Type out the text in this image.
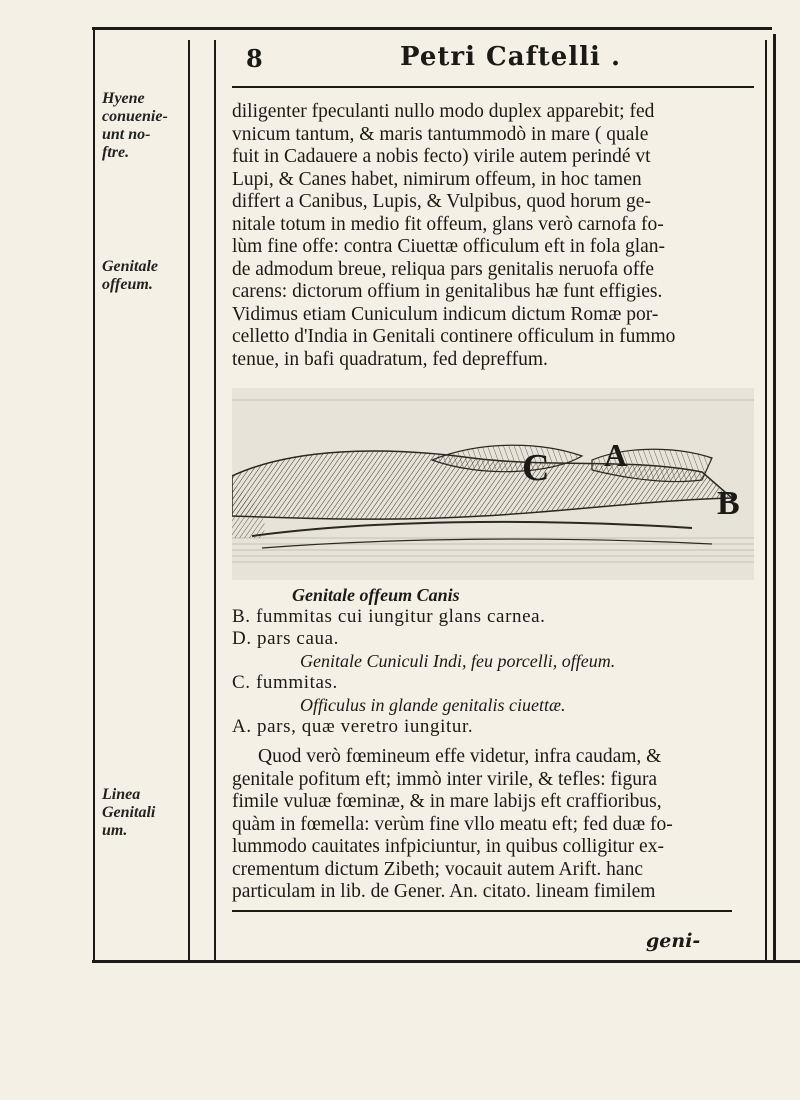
8	Petri Caftelli .
Hyene
conuenie-
unt no-
ftre.
Genitale
offeum.
Linea
Genitali
um.
diligenter fpeculanti nullo modo duplex apparebit; fed
vnicum tantum, & maris tantummodò in mare ( quale
fuit in Cadauere a nobis fecto) virile autem perindé vt
Lupi, & Canes habet, nimirum offeum, in hoc tamen
differt a Canibus, Lupis, & Vulpibus, quod horum ge-
nitale totum in medio fit offeum, glans verò carnofa fo-
lùm fine offe: contra Ciuettæ officulum eft in fola glan-
de admodum breue, reliqua pars genitalis neruofa offe
carens: dictorum offium in genitalibus hæ funt effigies.
Vidimus etiam Cuniculum indicum dictum Romæ por-
celletto d'India in Genitali continere officulum in fummo
tenue, in bafi quadratum, fed depreffum.
C A
B
Genitale offeum Canis
B. fummitas cui iungitur glans carnea.
D. pars caua.
Genitale Cuniculi Indi, feu porcelli, offeum.
C. fummitas.
Officulus in glande genitalis ciuettæ.
A. pars, quæ veretro iungitur.
Quod verò fœmineum effe videtur, infra caudam, &
genitale pofitum eft; immò inter virile, & tefles: figura
fimile vuluæ fœminæ, & in mare labijs eft craffioribus,
quàm in fœmella: verùm fine vllo meatu eft; fed duæ fo-
lummodo cauitates infpiciuntur, in quibus colligitur ex-
crementum dictum Zibeth; vocauit autem Arift. hanc
particulam in lib. de Gener. An. citato. lineam fimilem
geni-
